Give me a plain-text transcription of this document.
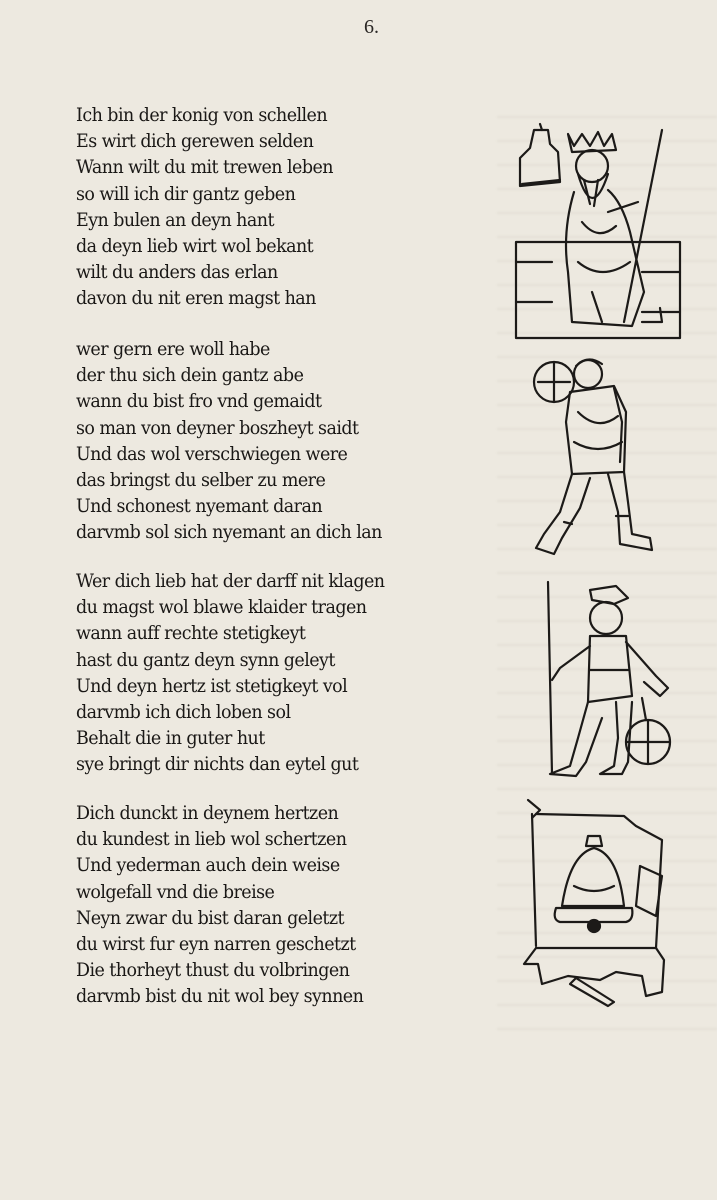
6.
Ich bin der konig von schellen
Es wirt dich gerewen selden
Wann wilt du mit trewen leben
so will ich dir gantz geben
Eyn bulen an deyn hant
da deyn lieb wirt wol bekant
wilt du anders das erlan
davon du nit eren magst han
wer gern ere woll habe
der thu sich dein gantz abe
wann du bist fro vnd gemaidt
so man von deyner boszheyt saidt
Und das wol verschwiegen were
das bringst du selber zu mere
Und schonest nyemant daran
darvmb sol sich nyemant an dich lan
Wer dich lieb hat der darff nit klagen
du magst wol blawe klaider tragen
wann auff rechte stetigkeyt
hast du gantz deyn synn geleyt
Und deyn hertz ist stetigkeyt vol
darvmb ich dich loben sol
Behalt die in guter hut
sye bringt dir nichts dan eytel gut
Dich dunckt in deynem hertzen
du kundest in lieb wol schertzen
Und yederman auch dein weise
wolgefall vnd die breise
Neyn zwar du bist daran geletzt
du wirst fur eyn narren geschetzt
Die thorheyt thust du volbringen
darvmb bist du nit wol bey synnen
